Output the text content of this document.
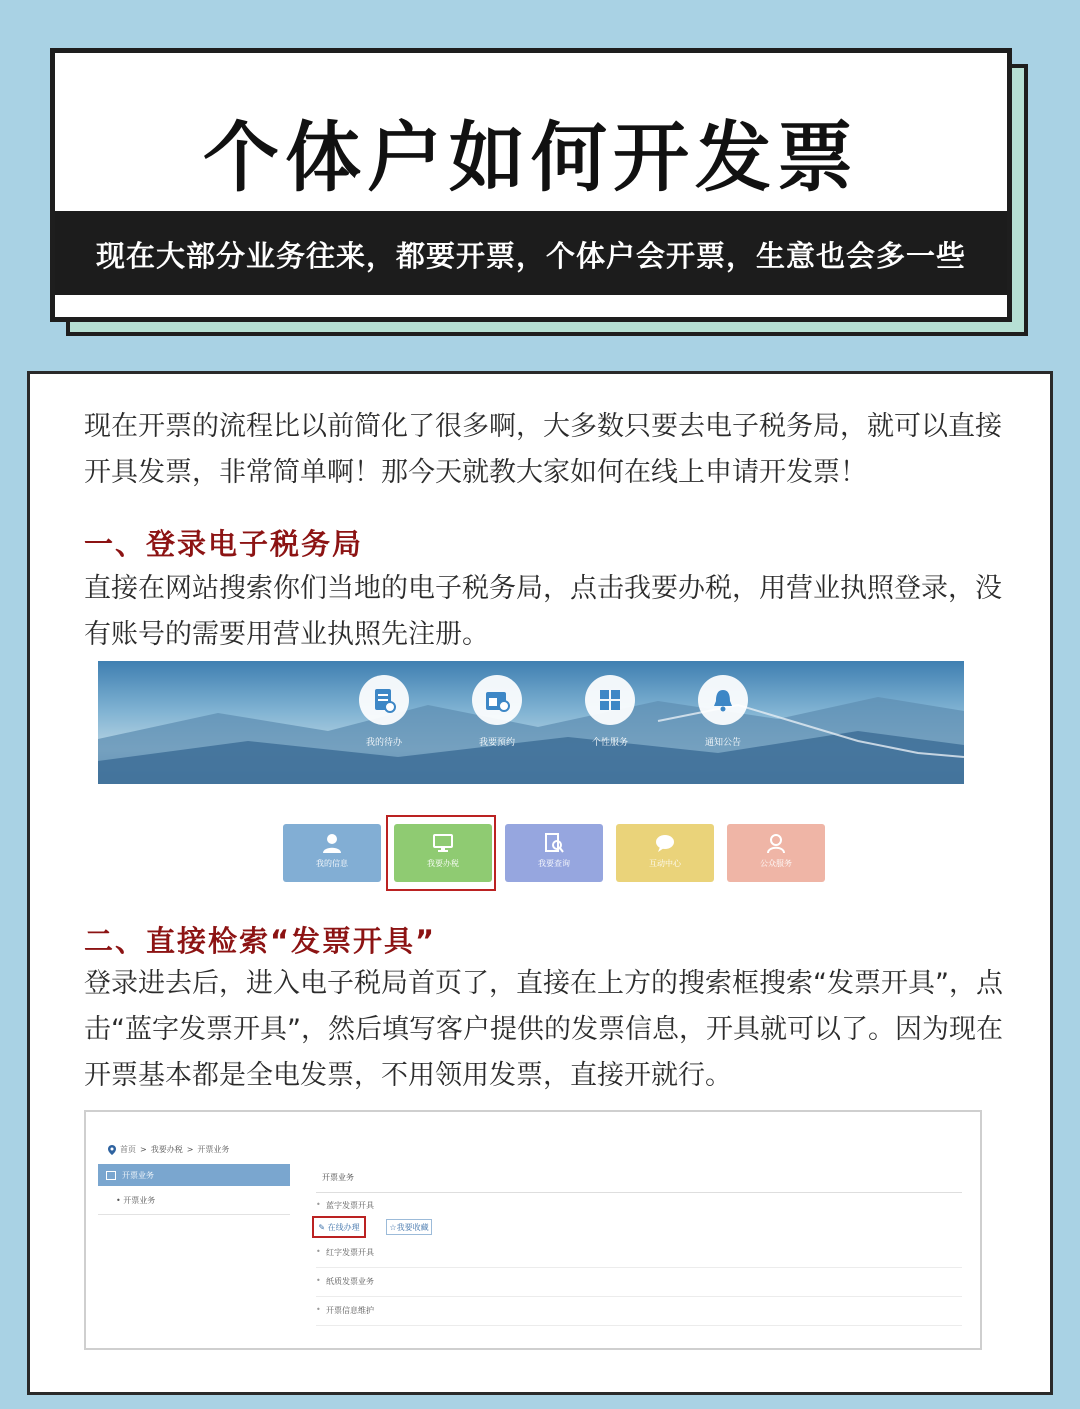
个体户如何开发票
现在大部分业务往来，都要开票，个体户会开票，生意也会多一些

现在开票的流程比以前简化了很多啊，大多数只要去电子税务局，就可以直接开具发票，非常简单啊！那今天就教大家如何在线上申请开发票！

一、登录电子税务局

直接在网站搜索你们当地的电子税务局，点击我要办税，用营业执照登录，没有账号的需要用营业执照先注册。

我的待办	我要预约	个性服务	通知公告
我的信息	我要办税	我要查询	互动中心	公众服务
二、直接检索“发票开具”

登录进去后，进入电子税局首页了，直接在上方的搜索框搜索“发票开具”，点击“蓝字发票开具”，然后填写客户提供的发票信息，开具就可以了。因为现在开票基本都是全电发票，不用领用发票，直接开就行。

首页 > 我要办税 > 开票业务
开票业务
• 开票业务
开票业务
• 蓝字发票开具
✎ 在线办理	☆ 我要收藏
• 红字发票开具
• 纸质发票业务
• 开票信息维护
